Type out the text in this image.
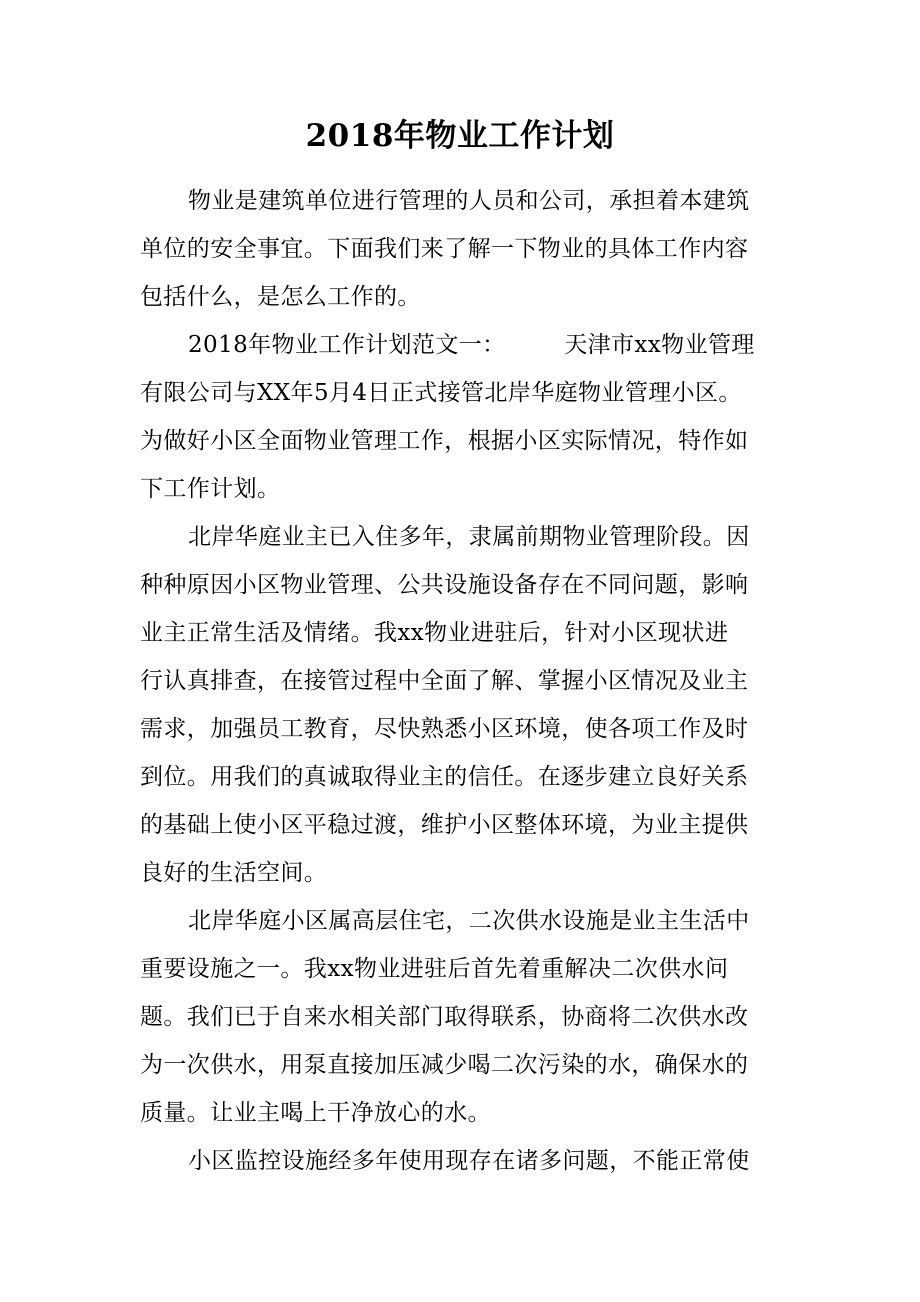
2018年物业工作计划
物业是建筑单位进行管理的人员和公司，承担着本建筑
单位的安全事宜。下面我们来了解一下物业的具体工作内容
包括什么，是怎么工作的。
2018年物业工作计划范文一：　　　天津市xx物业管理
有限公司与XX年5月4日正式接管北岸华庭物业管理小区。
为做好小区全面物业管理工作，根据小区实际情况，特作如
下工作计划。
北岸华庭业主已入住多年，隶属前期物业管理阶段。因
种种原因小区物业管理、公共设施设备存在不同问题，影响
业主正常生活及情绪。我xx物业进驻后，针对小区现状进
行认真排查，在接管过程中全面了解、掌握小区情况及业主
需求，加强员工教育，尽快熟悉小区环境，使各项工作及时
到位。用我们的真诚取得业主的信任。在逐步建立良好关系
的基础上使小区平稳过渡，维护小区整体环境，为业主提供
良好的生活空间。
北岸华庭小区属高层住宅，二次供水设施是业主生活中
重要设施之一。我xx物业进驻后首先着重解决二次供水问
题。我们已于自来水相关部门取得联系，协商将二次供水改
为一次供水，用泵直接加压减少喝二次污染的水，确保水的
质量。让业主喝上干净放心的水。
小区监控设施经多年使用现存在诸多问题，不能正常使
